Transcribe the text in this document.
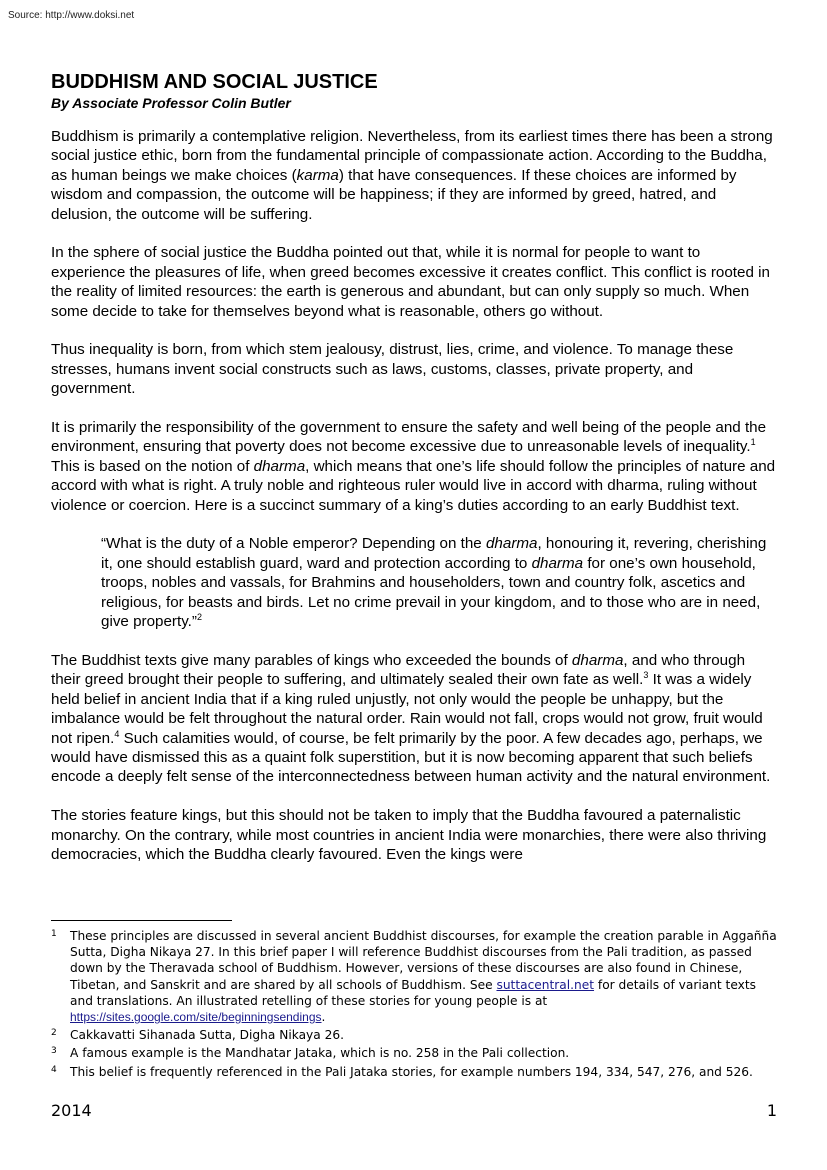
Source: http://www.doksi.net
BUDDHISM AND SOCIAL JUSTICE
By Associate Professor Colin Butler

Buddhism is primarily a contemplative religion. Nevertheless, from its earliest times there has been a strong social justice ethic, born from the fundamental principle of compassionate action. According to the Buddha, as human beings we make choices (karma) that have consequences. If these choices are informed by wisdom and compassion, the outcome will be happiness; if they are informed by greed, hatred, and delusion, the outcome will be suffering.

In the sphere of social justice the Buddha pointed out that, while it is normal for people to want to experience the pleasures of life, when greed becomes excessive it creates conflict. This conflict is rooted in the reality of limited resources: the earth is generous and abundant, but can only supply so much. When some decide to take for themselves beyond what is reasonable, others go without.

Thus inequality is born, from which stem jealousy, distrust, lies, crime, and violence. To manage these stresses, humans invent social constructs such as laws, customs, classes, private property, and government.

It is primarily the responsibility of the government to ensure the safety and well being of the people and the environment, ensuring that poverty does not become excessive due to unreasonable levels of inequality.$^1$ This is based on the notion of dharma, which means that one’s life should follow the principles of nature and accord with what is right. A truly noble and righteous ruler would live in accord with dharma, ruling without violence or coercion. Here is a succinct summary of a king’s duties according to an early Buddhist text.

“What is the duty of a Noble emperor? Depending on the dharma, honouring it, revering, cherishing it, one should establish guard, ward and protection according to dharma for one’s own household, troops, nobles and vassals, for Brahmins and householders, town and country folk, ascetics and religious, for beasts and birds. Let no crime prevail in your kingdom, and to those who are in need, give property.”$^2$

The Buddhist texts give many parables of kings who exceeded the bounds of dharma, and who through their greed brought their people to suffering, and ultimately sealed their own fate as well.$^3$ It was a widely held belief in ancient India that if a king ruled unjustly, not only would the people be unhappy, but the imbalance would be felt throughout the natural order. Rain would not fall, crops would not grow, fruit would not ripen.$^4$ Such calamities would, of course, be felt primarily by the poor. A few decades ago, perhaps, we would have dismissed this as a quaint folk superstition, but it is now becoming apparent that such beliefs encode a deeply felt sense of the interconnectedness between human activity and the natural environment.

The stories feature kings, but this should not be taken to imply that the Buddha favoured a paternalistic monarchy. On the contrary, while most countries in ancient India were monarchies, there were also thriving democracies, which the Buddha clearly favoured. Even the kings were

1	These principles are discussed in several ancient Buddhist discourses, for example the creation parable in Aggañña Sutta, Digha Nikaya 27. In this brief paper I will reference Buddhist discourses from the Pali tradition, as passed down by the Theravada school of Buddhism. However, versions of these discourses are also found in Chinese, Tibetan, and Sanskrit and are shared by all schools of Buddhism. See suttacentral.net for details of variant texts and translations. An illustrated retelling of these stories for young people is at https://sites.google.com/site/beginningsendings.
2	Cakkavatti Sihanada Sutta, Digha Nikaya 26.
3	A famous example is the Mandhatar Jataka, which is no. 258 in the Pali collection.
4	This belief is frequently referenced in the Pali Jataka stories, for example numbers 194, 334, 547, 276, and 526.
2014	1
